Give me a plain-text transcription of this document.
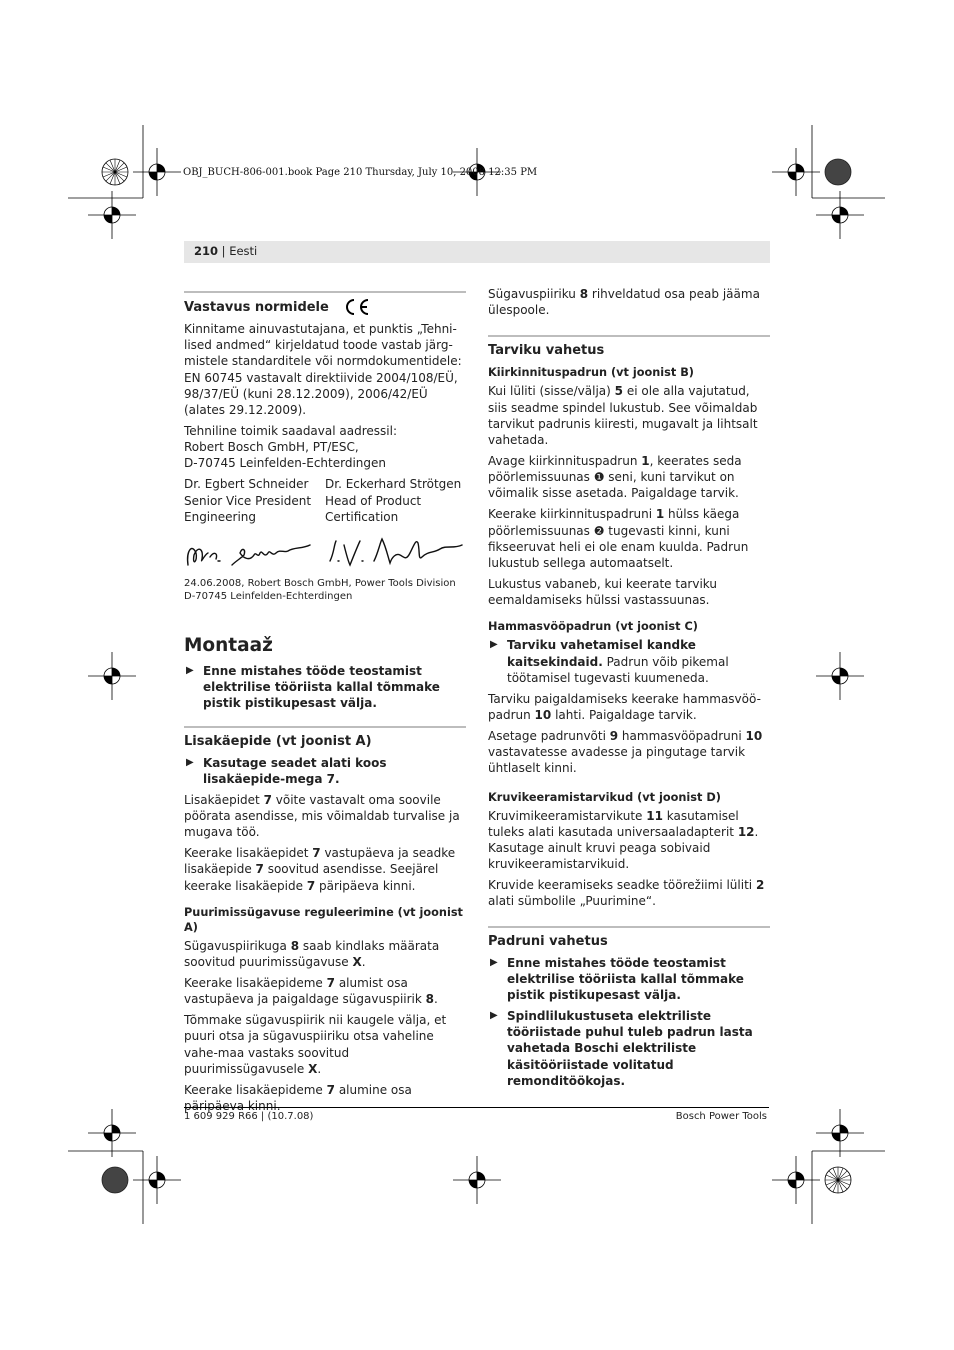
OBJ_BUCH-806-001.book Page 210 Thursday, July 10, 2008 12:35 PM
210 | Eesti
Vastavus normidele

Kinnitame ainuvastutajana, et punktis „Tehni-lised andmed“ kirjeldatud toode vastab järg-mistele standarditele või normdokumentidele: EN 60745 vastavalt direktiivide 2004/108/EÜ, 98/37/EÜ (kuni 28.12.2009), 2006/42/EÜ (alates 29.12.2009).

Tehniline toimik saadaval aadressil:
Robert Bosch GmbH, PT/ESC,
D-70745 Leinfelden-Echterdingen

Dr. Egbert Schneider
Senior Vice President
Engineering
Dr. Eckerhard Strötgen
Head of Product
Certification

24.06.2008, Robert Bosch GmbH, Power Tools Division

D-70745 Leinfelden-Echterdingen

Montaaž
▶ Enne mistahes tööde teostamist elektrilise tööriista kallal tõmmake pistik pistikupesast välja.
Lisakäepide (vt joonist A)
▶ Kasutage seadet alati koos lisakäepide-mega 7.

Lisakäepidet 7 võite vastavalt oma soovile pöörata asendisse, mis võimaldab turvalise ja mugava töö.

Keerake lisakäepidet 7 vastupäeva ja seadke lisakäepide 7 soovitud asendisse. Seejärel keerake lisakäepide 7 päripäeva kinni.

Puurimissügavuse reguleerimine (vt joonist A)

Sügavuspiirikuga 8 saab kindlaks määrata soovitud puurimissügavuse X.

Keerake lisakäepideme 7 alumist osa vastupäeva ja paigaldage sügavuspiirik 8.

Tõmmake sügavuspiirik nii kaugele välja, et puuri otsa ja sügavuspiiriku otsa vaheline vahe-maa vastaks soovitud puurimissügavusele X.

Keerake lisakäepideme 7 alumine osa päripäeva kinni.

Sügavuspiiriku 8 rihveldatud osa peab jääma ülespoole.

Tarviku vahetus
Kiirkinnituspadrun (vt joonist B)

Kui lüliti (sisse/välja) 5 ei ole alla vajutatud, siis seadme spindel lukustub. See võimaldab tarvikut padrunis kiiresti, mugavalt ja lihtsalt vahetada.

Avage kiirkinnituspadrun 1, keerates seda pöörlemissuunas ❶ seni, kuni tarvikut on võimalik sisse asetada. Paigaldage tarvik.

Keerake kiirkinnituspadruni 1 hülss käega pöörlemissuunas ❷ tugevasti kinni, kuni fikseeruvat heli ei ole enam kuulda. Padrun lukustub sellega automaatselt.

Lukustus vabaneb, kui keerate tarviku eemaldamiseks hülssi vastassuunas.

Hammasvööpadrun (vt joonist C)
▶ Tarviku vahetamisel kandke kaitsekindaid. Padrun võib pikemal töötamisel tugevasti kuumeneda.

Tarviku paigaldamiseks keerake hammasvöö-padrun 10 lahti. Paigaldage tarvik.

Asetage padrunvõti 9 hammasvööpadruni 10 vastavatesse avadesse ja pingutage tarvik ühtlaselt kinni.

Kruvikeeramistarvikud (vt joonist D)

Kruvimikeeramistarvikute 11 kasutamisel tuleks alati kasutada universaaladapterit 12. Kasutage ainult kruvi peaga sobivaid kruvikeeramistarvikuid.

Kruvide keeramiseks seadke töörežiimi lüliti 2 alati sümbolile „Puurimine“.

Padruni vahetus
▶ Enne mistahes tööde teostamist elektrilise tööriista kallal tõmmake pistik pistikupesast välja.
▶ Spindlilukustuseta elektriliste tööriistade puhul tuleb padrun lasta vahetada Boschi elektriliste käsitööriistade volitatud remonditöökojas.
1 609 929 R66 | (10.7.08)	Bosch Power Tools
